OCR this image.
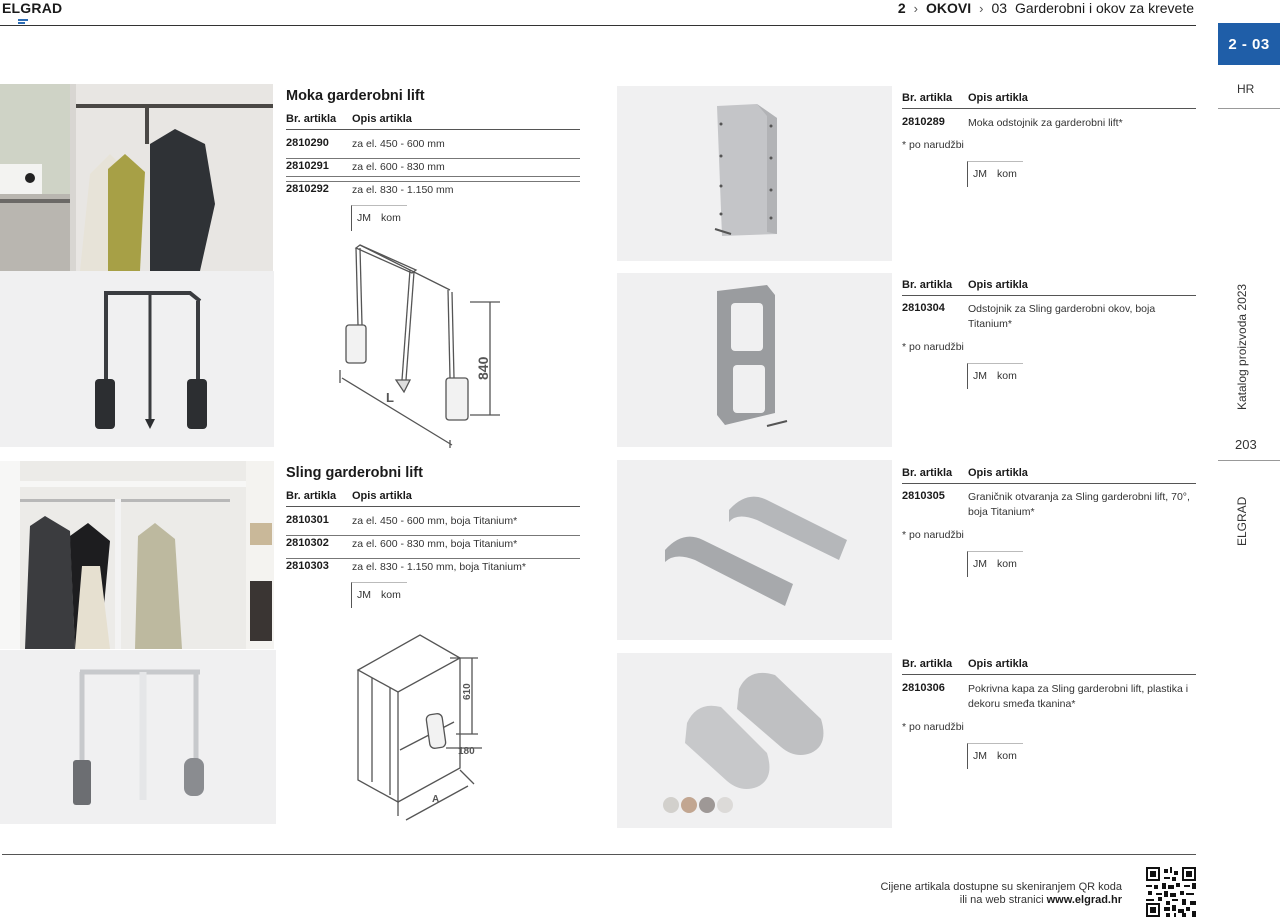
ELGRAD	2 › OKOVI › 03 Garderobni i okov za krevete
2 - 03
HR
Katalog proizvoda 2023
203
ELGRAD
Moka garderobni lift
Br. artikla	Opis artikla
2810290	za el. 450 - 600 mm
2810291	za el. 600 - 830 mm
2810292	za el. 830 - 1.150 mm
JM kom
840
L
Sling garderobni lift
Br. artikla	Opis artikla
2810301	za el. 450 - 600 mm, boja Titanium*
2810302	za el. 600 - 830 mm, boja Titanium*
2810303	za el. 830 - 1.150 mm, boja Titanium*
JM kom
610
180
A
Br. artikla	Opis artikla
2810289	Moka odstojnik za garderobni lift*
* po narudžbi
JM kom
Br. artikla	Opis artikla
2810304	Odstojnik za Sling garderobni okov, boja Titanium*
* po narudžbi
JM kom
Br. artikla	Opis artikla
2810305	Graničnik otvaranja za Sling garderobni lift, 70°, boja Titanium*
* po narudžbi
JM kom
Br. artikla	Opis artikla
2810306	Pokrivna kapa za Sling garderobni lift, plastika i dekoru smeđa tkanina*
* po narudžbi
JM kom
Cijene artikala dostupne su skeniranjem QR koda
ili na web stranici www.elgrad.hr
